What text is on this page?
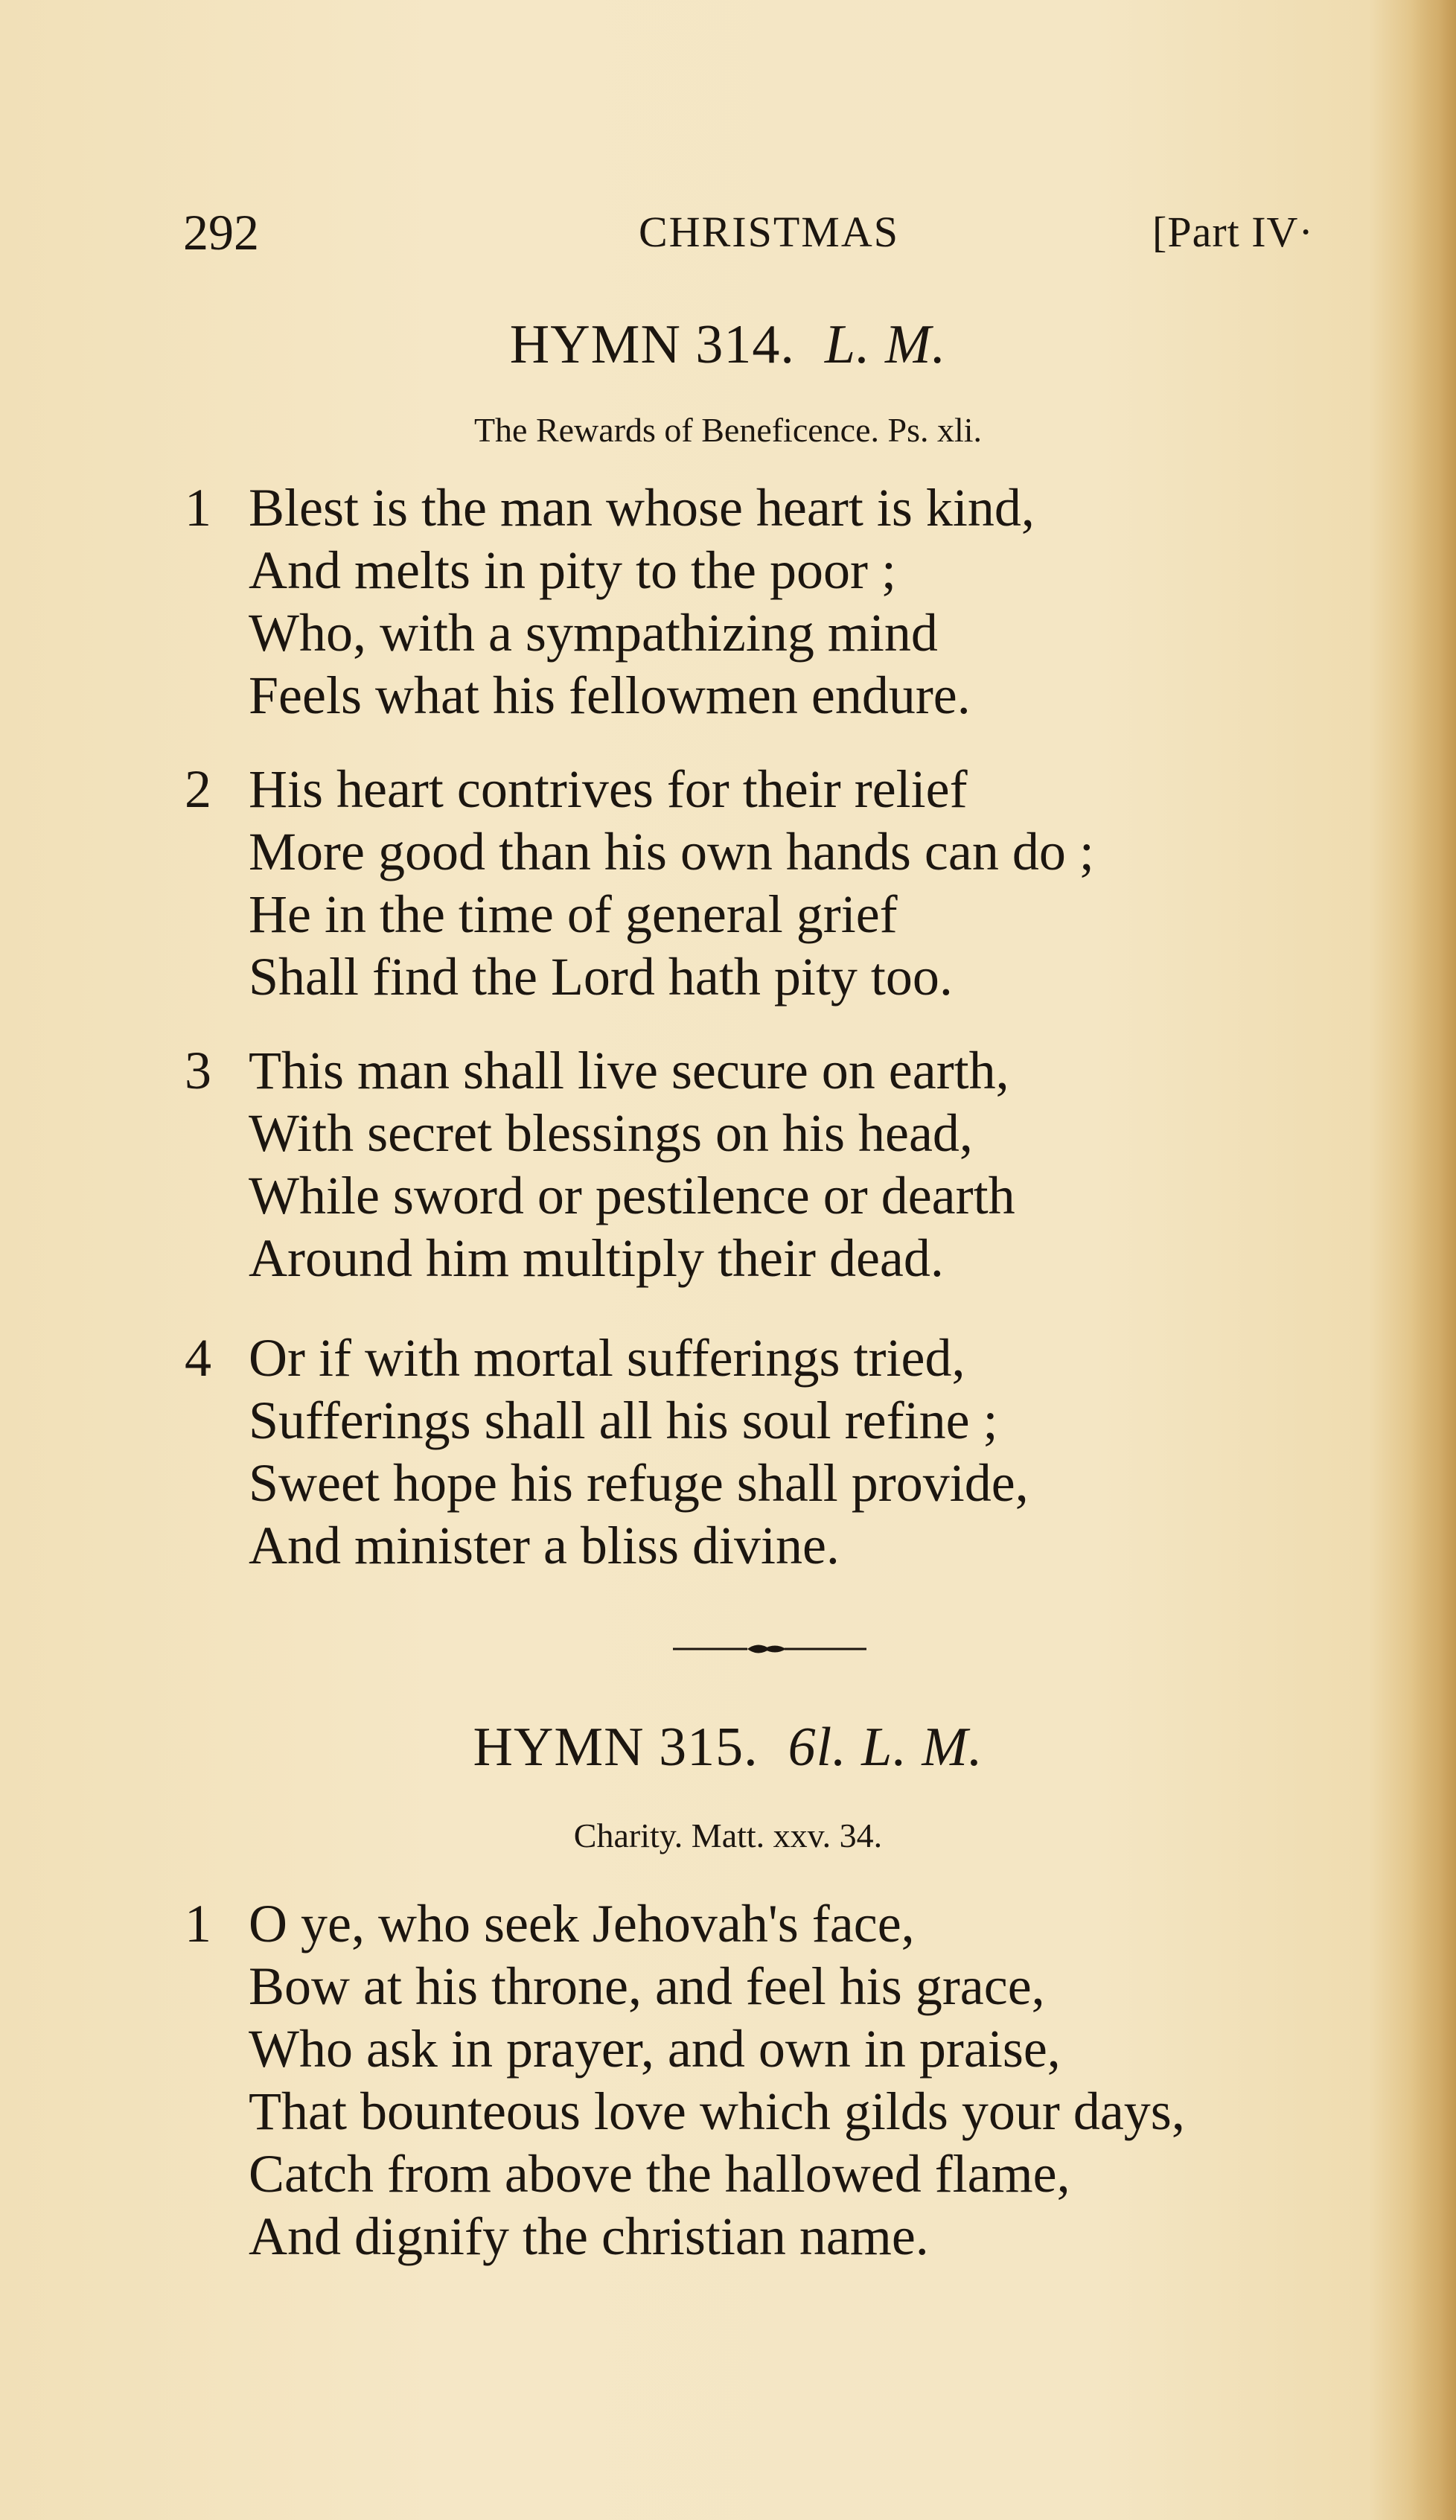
292	CHRISTMAS	[Part IV·
HYMN 314. L. M.
The Rewards of Beneficence. Ps. xli.
1 Blest is the man whose heart is kind,
And melts in pity to the poor ;
Who, with a sympathizing mind
Feels what his fellowmen endure.
2 His heart contrives for their relief
More good than his own hands can do ;
He in the time of general grief
Shall find the Lord hath pity too.
3 This man shall live secure on earth,
With secret blessings on his head,
While sword or pestilence or dearth
Around him multiply their dead.
4 Or if with mortal sufferings tried,
Sufferings shall all his soul refine ;
Sweet hope his refuge shall provide,
And minister a bliss divine.
HYMN 315. 6l. L. M.
Charity. Matt. xxv. 34.
1 O ye, who seek Jehovah's face,
Bow at his throne, and feel his grace,
Who ask in prayer, and own in praise,
That bounteous love which gilds your days,
Catch from above the hallowed flame,
And dignify the christian name.
